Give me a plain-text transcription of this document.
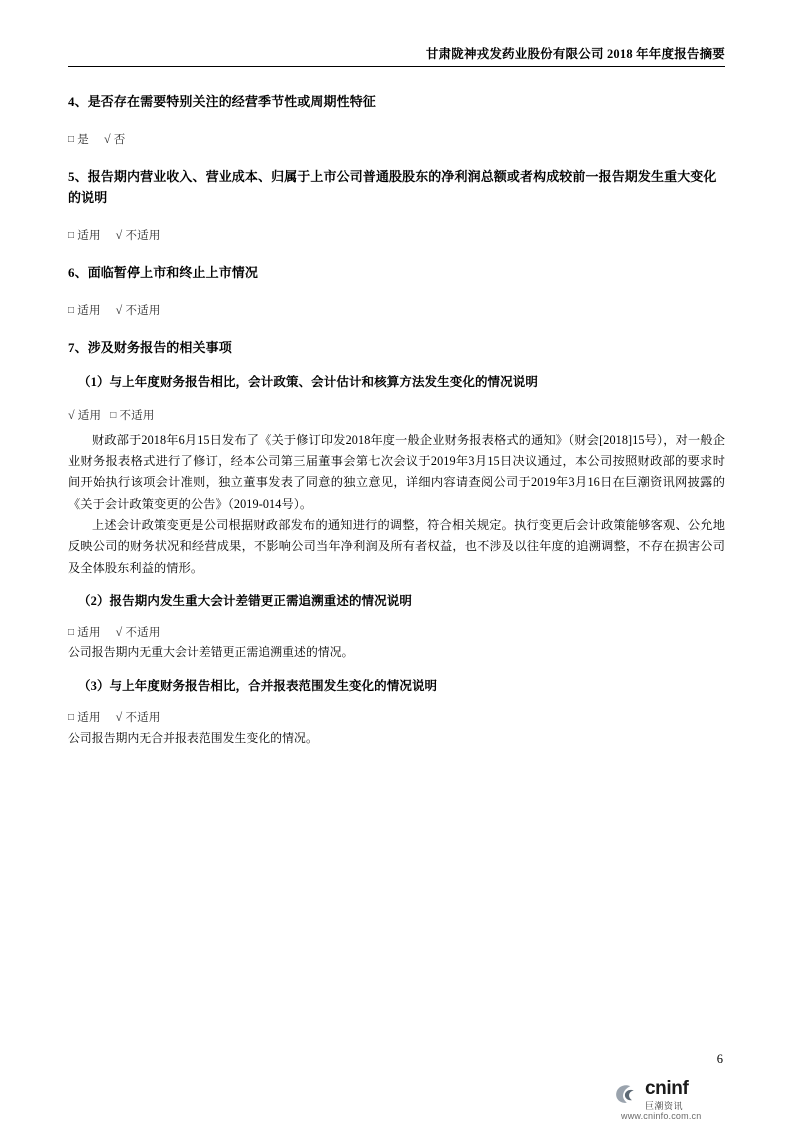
甘肃陇神戎发药业股份有限公司 2018 年年度报告摘要
4、是否存在需要特别关注的经营季节性或周期性特征
□ 是 √ 否
5、报告期内营业收入、营业成本、归属于上市公司普通股股东的净利润总额或者构成较前一报告期发生重大变化的说明
□ 适用 √ 不适用
6、面临暂停上市和终止上市情况
□ 适用 √ 不适用
7、涉及财务报告的相关事项
（1）与上年度财务报告相比，会计政策、会计估计和核算方法发生变化的情况说明
√ 适用 □ 不适用
财政部于2018年6月15日发布了《关于修订印发2018年度一般企业财务报表格式的通知》（财会[2018]15号），对一般企业财务报表格式进行了修订，经本公司第三届董事会第七次会议于2019年3月15日决议通过，本公司按照财政部的要求时间开始执行该项会计准则，独立董事发表了同意的独立意见，详细内容请查阅公司于2019年3月16日在巨潮资讯网披露的《关于会计政策变更的公告》（2019-014号）。
上述会计政策变更是公司根据财政部发布的通知进行的调整，符合相关规定。执行变更后会计政策能够客观、公允地反映公司的财务状况和经营成果，不影响公司当年净利润及所有者权益，也不涉及以往年度的追溯调整，不存在损害公司及全体股东利益的情形。
（2）报告期内发生重大会计差错更正需追溯重述的情况说明
□ 适用 √ 不适用
公司报告期内无重大会计差错更正需追溯重述的情况。
（3）与上年度财务报告相比，合并报表范围发生变化的情况说明
□ 适用 √ 不适用
公司报告期内无合并报表范围发生变化的情况。
6
cninf
巨潮资讯
www.cninfo.com.cn
